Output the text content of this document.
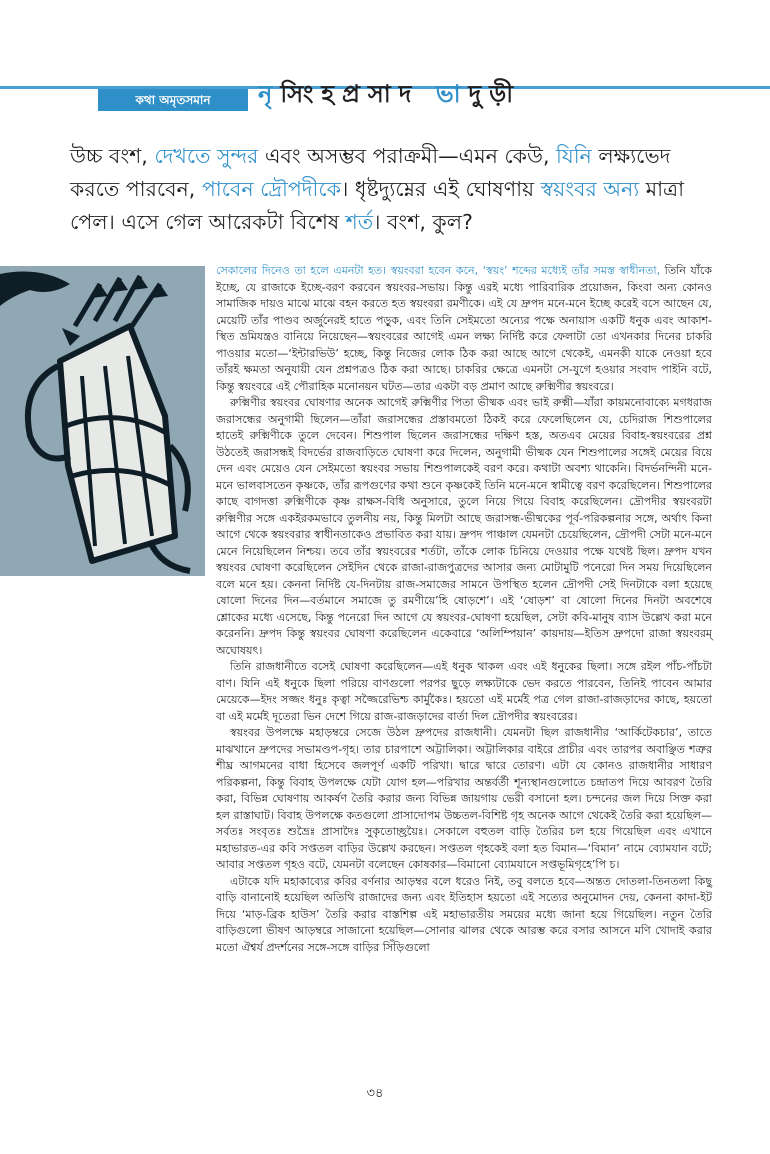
কথা অমৃতসমান	নৃসিংহপ্রসাদ ভাদুড়ী
উচ্চ বংশ, দেখতে সুন্দর এবং অসম্ভব পরাক্রমী—এমন কেউ, যিনি লক্ষ্যভেদ করতে পারবেন, পাবেন দ্রৌপদীকে। ধৃষ্টদ্যুম্নের এই ঘোষণায় স্বয়ংবর অন্য মাত্রা পেল। এসে গেল আরেকটা বিশেষ শর্ত। বংশ, কুল?

সেকালের দিনেও তা হলে এমনটা হত। স্বয়ংবরা হবেন কনে, ‘স্বয়ং’ শব্দের মধ্যেই তাঁর সমস্ত স্বাধীনতা, তিনি যাঁকে ইচ্ছে, যে রাজাকে ইচ্ছে-বরণ করবেন স্বয়ংবর-সভায়। কিন্তু এরই মধ্যে পারিবারিক প্রয়োজন, কিংবা অন্য কোনও সামাজিক দায়ও মাঝে মাঝে বহন করতে হত স্বয়ংবরা রমণীকে। এই যে দ্রুপদ মনে-মনে ইচ্ছে করেই বসে আছেন যে, মেয়েটি তাঁর পাণ্ডব অর্জুনেরই হাতে পড়ুক, এবং তিনি সেইমতো অন্যের পক্ষে অনায়াস একটি ধনুক এবং আকাশ-স্থিত ভ্রমিযন্ত্রও বানিয়ে নিয়েছেন—স্বয়ংবরের আগেই এমন লক্ষ্য নির্দিষ্ট করে ফেলাটা তো এখনকার দিনের চাকরি পাওয়ার মতো—‘ইন্টারভিউ’ হচ্ছে, কিন্তু নিজের লোক ঠিক করা আছে আগে থেকেই, এমনকী যাকে নেওয়া হবে তাঁরই ক্ষমতা অনুযায়ী যেন প্রশ্নপত্রও ঠিক করা আছে। চাকরির ক্ষেত্রে এমনটা সে-যুগে হওয়ার সংবাদ পাইনি বটে, কিন্তু স্বয়ংবরে এই পৌরাহিক মনোনয়ন ঘটত—তার একটা বড় প্রমাণ আছে রুক্মিণীর স্বয়ংবরে।

রুক্মিণীর স্বয়ংবর ঘোষণার অনেক আগেই রুক্মিণীর পিতা ভীষ্মক এবং ভাই রুক্মী—যাঁরা কায়মনোবাক্যে মগধরাজ জরাসন্ধের অনুগামী ছিলেন—তাঁরা জরাসন্ধের প্রস্তাবমতো ঠিকই করে ফেলেছিলেন যে, চেদিরাজ শিশুপালের হাতেই রুক্মিণীকে তুলে দেবেন। শিশুপাল ছিলেন জরাসন্ধের দক্ষিণ হস্ত, অতএব মেয়ের বিবাহ-স্বয়ংবরের প্রশ্ন উঠতেই জরাসন্ধই বিদর্ভের রাজবাড়িতে ঘোষণা করে দিলেন, অনুগামী ভীষ্মক যেন শিশুপালের সঙ্গেই মেয়ের বিয়ে দেন এবং মেয়েও যেন সেইমতো স্বয়ংবর সভায় শিশুপালকেই বরণ করে। কথাটা অবশ্য থাকেনি। বিদর্ভনন্দিনী মনে-মনে ভালবাসতেন কৃষ্ণকে, তাঁর রূপগুণের কথা শুনে কৃষ্ণকেই তিনি মনে-মনে স্বামীত্বে বরণ করেছিলেন। শিশুপালের কাছে বাগদত্তা রুক্মিণীকে কৃষ্ণ রাক্ষস-বিধি অনুসারে, তুলে নিয়ে গিয়ে বিবাহ করেছিলেন। দ্রৌপদীর স্বয়ংবরটা রুক্মিণীর সঙ্গে একইরকমভাবে তুলনীয় নয়, কিন্তু মিলটা আছে জরাসন্ধ-ভীষ্মকের পূর্ব-পরিকল্পনার সঙ্গে, অর্থাৎ কিনা আগে থেকে স্বয়ংবরার স্বাধীনতাকেও প্রভাবিত করা যায়। দ্রুপদ পাঞ্চাল যেমনটা চেয়েছিলেন, দ্রৌপদী সেটা মনে-মনে মেনে নিয়েছিলেন নিশ্চয়। তবে তাঁর স্বয়ংবরের শর্তটা, তাঁকে লোক চিনিয়ে দেওয়ার পক্ষে যথেষ্ট ছিল। দ্রুপদ যখন স্বয়ংবর ঘোষণা করেছিলেন সেইদিন থেকে রাজা-রাজপুত্রদের আসার জন্য মোটামুটি পনেরো দিন সময় দিয়েছিলেন বলে মনে হয়। কেননা নির্দিষ্ট যে-দিনটায় রাজ-সমাজের সামনে উপস্থিত হলেন দ্রৌপদী সেই দিনটাকে বলা হয়েছে ষোলো দিনের দিন—বর্তমানে সমাজে তু রমণীয়ে’হি ষোড়শে’। এই ‘ষোড়শ’ বা ষোলো দিনের দিনটা অবশেষে শ্লোকের মধ্যে এসেছে, কিন্তু পনেরো দিন আগে যে স্বয়ংবর-ঘোষণা হয়েছিল, সেটা কবি-মানুষ ব্যাস উল্লেখ করা মনে করেননি। দ্রুপদ কিন্তু স্বয়ংবর ঘোষণা করেছিলেন একেবারে ‘অলিম্পিয়ান’ কায়দায়—ইতিস দ্রুপদো রাজা স্বয়ংবরম্‌ অঘোষয়ৎ।

তিনি রাজধানীতে বসেই ঘোষণা করেছিলেন—এই ধনুক থাকল এবং এই ধনুকের ছিলা। সঙ্গে রইল পাঁচ-পাঁচটা বাণ। যিনি এই ধনুকে ছিলা পরিয়ে বাণগুলো পরপর ছুড়ে লক্ষ্যটাকে ভেদ করতে পারবেন, তিনিই পাবেন আমার মেয়েকে—ইদং সজ্জং ধনুঃ কৃত্বা সজ্জৈরেভিশ্চ কার্মুকৈঃ। হয়তো এই মর্মেই পত্র গেল রাজা-রাজড়াদের কাছে, হয়তো বা এই মর্মেই দূতেরা ভিন দেশে গিয়ে রাজ-রাজড়াদের বার্তা দিল দ্রৌপদীর স্বয়ংবরের।

স্বয়ংবর উপলক্ষে মহাড়ম্বরে সেজে উঠল দ্রুপদের রাজধানী। যেমনটা ছিল রাজধানীর ‘আর্কিটেকচার’, তাতে মাঝখানে দ্রুপদের সভামণ্ডপ-গৃহ। তার চারপাশে অট্টালিকা। অট্টালিকার বাইরে প্রাচীর এবং তারপর অবাঞ্ছিত শত্রুর শীঘ্র আগমনের বাধা হিসেবে জলপূর্ণ একটি পরিখা। দ্বারে দ্বারে তোরণ। এটা যে কোনও রাজধানীর সাধারণ পরিকল্পনা, কিন্তু বিবাহ উপলক্ষে যেটা যোগ হল—পরিখার অন্তর্বর্তী শূন্যস্থানগুলোতে চন্দ্রাতপ দিয়ে আবরণ তৈরি করা, বিভিন্ন ঘোষণায় আকর্ষণ তৈরি করার জন্য বিভিন্ন জায়গায় ভেরী বসানো হল। চন্দনের জল দিয়ে সিক্ত করা হল রাস্তাঘাট। বিবাহ উপলক্ষে কতগুলো প্রাসাদোপম উচ্চতল-বিশিষ্ট গৃহ অনেক আগে থেকেই তৈরি করা হয়েছিল—সর্বতঃ সংবৃতঃ শুভ্রৈঃ প্রাসাদৈঃ সুকৃতোচ্ছ্রয়ৈঃ। সেকালে বহুতল বাড়ি তৈরির চল হয়ে গিয়েছিল এবং এখানে মহাভারত-এর কবি সপ্ততল বাড়ির উল্লেখ করছেন। সপ্ততল গৃহকেই বলা হত বিমান—‘বিমান’ নামে ব্যোমযান বটে; আবার সপ্ততল গৃহও বটে, যেমনটা বলেছেন কোষকার—বিমানো ব্যোমযানে সপ্তভূমিগৃহে’পি চ।

এটাকে যদি মহাকাব্যের কবির বর্ণনার আড়ম্বর বলে ধরেও নিই, তবু বলতে হবে—অন্তত দোতলা-তিনতলা কিছু বাড়ি বানানোই হয়েছিল অতিথি রাজাদের জন্য এবং ইতিহাস হয়তো এই সত্যের অনুমোদন দেয়, কেননা কাদা-ইট দিয়ে ‘মাড়-ব্রিক হাউস’ তৈরি করার বাস্তশিল্প এই মহাভারতীয় সময়ের মধ্যে জানা হয়ে গিয়েছিল। নতুন তৈরি বাড়িগুলো ভীষণ আড়ম্বরে সাজানো হয়েছিল—সোনার ঝালর থেকে আরম্ভ করে বসার আসনে মণি খোদাই করার মতো ঐশ্বর্য প্রদর্শনের সঙ্গে-সঙ্গে বাড়ির সিঁড়িগুলো

৩৪
